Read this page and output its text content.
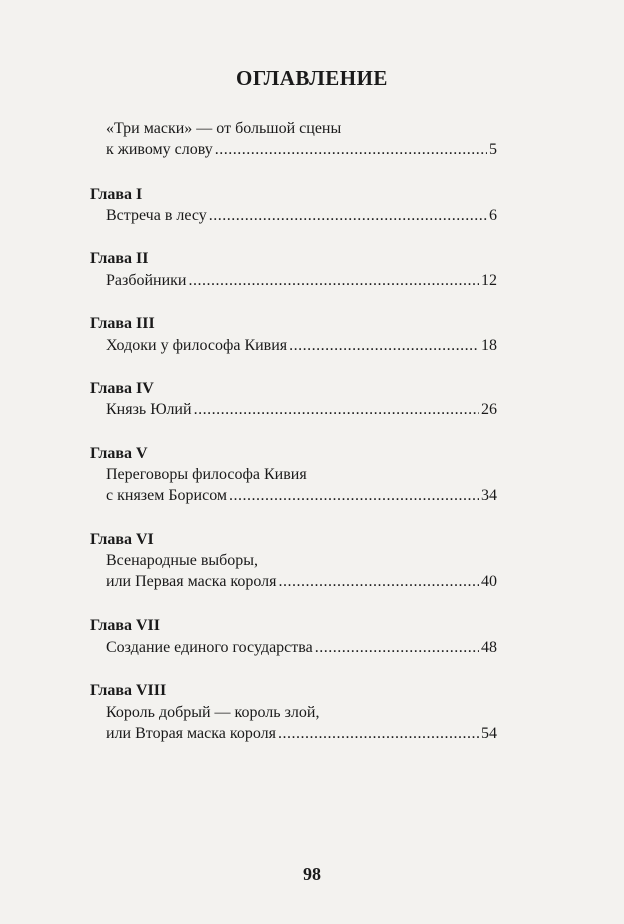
ОГЛАВЛЕНИЕ
«Три маски» — от большой сцены
к живому слову .....	5
Глава I
Встреча в лесу .....	6
Глава II
Разбойники .....	12
Глава III
Ходоки у философа Кивия .....	18
Глава IV
Князь Юлий .....	26
Глава V
Переговоры философа Кивия
с князем Борисом .....	34
Глава VI
Всенародные выборы,
или Первая маска короля .....	40
Глава VII
Создание единого государства .....	48
Глава VIII
Король добрый — король злой,
или Вторая маска короля .....	54
98
